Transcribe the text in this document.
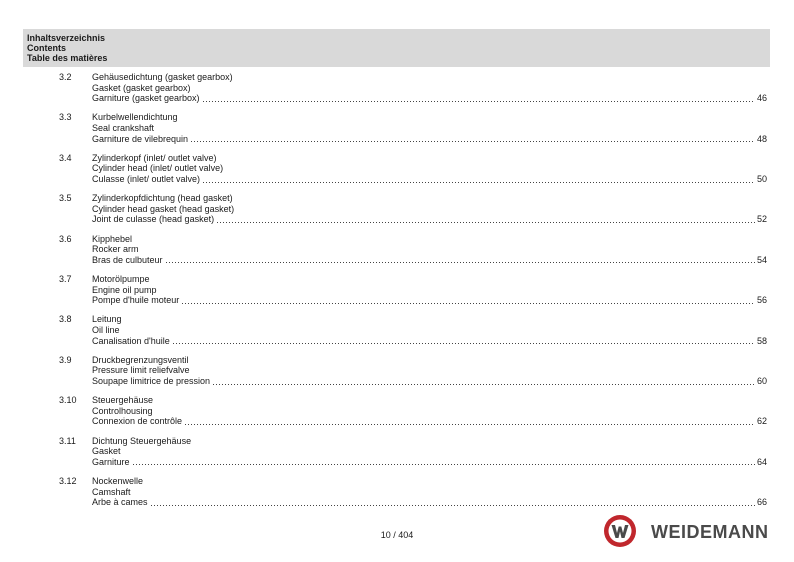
Inhaltsverzeichnis
Contents
Table des matières
3.2 Gehäusedichtung (gasket gearbox)
Gasket (gasket gearbox)
Garniture (gasket gearbox)	46
3.3 Kurbelwellendichtung
Seal crankshaft
Garniture de vilebrequin	48
3.4 Zylinderkopf (inlet/ outlet valve)
Cylinder head (inlet/ outlet valve)
Culasse (inlet/ outlet valve)	50
3.5 Zylinderkopfdichtung (head gasket)
Cylinder head gasket (head gasket)
Joint de culasse (head gasket)	52
3.6 Kipphebel
Rocker arm
Bras de culbuteur	54
3.7 Motorölpumpe
Engine oil pump
Pompe d'huile moteur	56
3.8 Leitung
Oil line
Canalisation d'huile	58
3.9 Druckbegrenzungsventil
Pressure limit reliefvalve
Soupape limitrice de pression	60
3.10 Steuergehäuse
Controlhousing
Connexion de contrôle	62
3.11 Dichtung Steuergehäuse
Gasket
Garniture	64
3.12 Nockenwelle
Camshaft
Arbe à cames	66
10 / 404	WEIDEMANN
